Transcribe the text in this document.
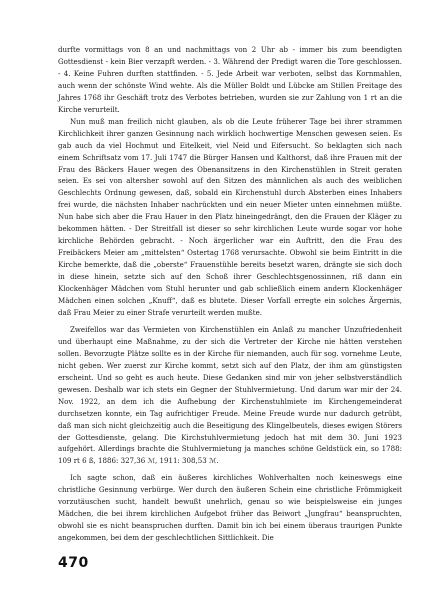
durfte vormittags von 8 an und nachmittags von 2 Uhr ab - immer bis zum beendigten Gottesdienst - kein Bier verzapft werden. - 3. Während der Predigt waren die Tore geschlossen. - 4. Keine Fuhren durften stattfinden. - 5. Jede Arbeit war verboten, selbst das Kornmahlen, auch wenn der schönste Wind wehte. Als die Müller Boldt und Lübcke am Stillen Freitage des Jahres 1768 ihr Geschäft trotz des Verbotes betrieben, wurden sie zur Zahlung von 1 rt an die Kirche verurteilt.

Nun muß man freilich nicht glauben, als ob die Leute früherer Tage bei ihrer strammen Kirchlichkeit ihrer ganzen Gesinnung nach wirklich hochwertige Menschen gewesen seien. Es gab auch da viel Hochmut und Eitelkeit, viel Neid und Eifersucht. So beklagten sich nach einem Schriftsatz vom 17. Juli 1747 die Bürger Hansen und Kalthorst, daß ihre Frauen mit der Frau des Bäckers Hauer wegen des Obenansitzens in den Kirchenstühlen in Streit geraten seien. Es sei von altersher sowohl auf den Sitzen des männlichen als auch des weiblichen Geschlechts Ordnung gewesen, daß, sobald ein Kirchenstuhl durch Absterben eines Inhabers frei wurde, die nächsten Inhaber nachrückten und ein neuer Mieter unten einnehmen müßte. Nun habe sich aber die Frau Hauer in den Platz hineingedrängt, den die Frauen der Kläger zu bekommen hätten. - Der Streitfall ist dieser so sehr kirchlichen Leute wurde sogar vor hohe kirchliche Behörden gebracht. - Noch ärgerlicher war ein Auftritt, den die Frau des Freibäckers Meier am „mittelsten“ Ostertag 1768 verursachte. Obwohl sie beim Eintritt in die Kirche bemerkte, daß die „oberste“ Frauenstühle bereits besetzt waren, drängte sie sich doch in diese hinein, setzte sich auf den Schoß ihrer Geschlechtsgenossinnen, riß dann ein Klockenhäger Mädchen vom Stuhl herunter und gab schließlich einem andern Klockenhäger Mädchen einen solchen „Knuff“, daß es blutete. Dieser Vorfall erregte ein solches Ärgernis, daß Frau Meier zu einer Strafe verurteilt werden mußte.

Zweifellos war das Vermieten von Kirchenstühlen ein Anlaß zu mancher Unzufriedenheit und überhaupt eine Maßnahme, zu der sich die Vertreter der Kirche nie hätten verstehen sollen. Bevorzugte Plätze sollte es in der Kirche für niemanden, auch für sog. vornehme Leute, nicht geben. Wer zuerst zur Kirche kommt, setzt sich auf den Platz, der ihm am günstigsten erscheint. Und so geht es auch heute. Diese Gedanken sind mir von jeher selbstverständlich gewesen. Deshalb war ich stets ein Gegner der Stuhlvermietung. Und darum war mir der 24. Nov. 1922, an dem ich die Aufhebung der Kirchenstuhlmiete im Kirchengemeinderat durchsetzen konnte, ein Tag aufrichtiger Freude. Meine Freude wurde nur dadurch getrübt, daß man sich nicht gleichzeitig auch die Beseitigung des Klingelbeutels, dieses ewigen Störers der Gottesdienste, gelang. Die Kirchstuhlvermietung jedoch hat mit dem 30. Juni 1923 aufgehört. Allerdings brachte die Stuhlvermietung ja manches schöne Geldstück ein, so 1788: 109 rt 6 ß, 1886: 327,36 ℳ, 1911: 308,53 ℳ.

Ich sagte schon, daß ein äußeres kirchliches Wohlverhalten noch keineswegs eine christliche Gesinnung verbürge. Wer durch den äußeren Schein eine christliche Frömmigkeit vorzutäuschen sucht, handelt bewußt unehrlich, genau so wie beispielsweise ein junges Mädchen, die bei ihrem kirchlichen Aufgebot früher das Beiwort „Jungfrau“ beanspruchten, obwohl sie es nicht beanspruchen durften. Damit bin ich bei einem überaus traurigen Punkte angekommen, bei dem der geschlechtlichen Sittlichkeit. Die

470
